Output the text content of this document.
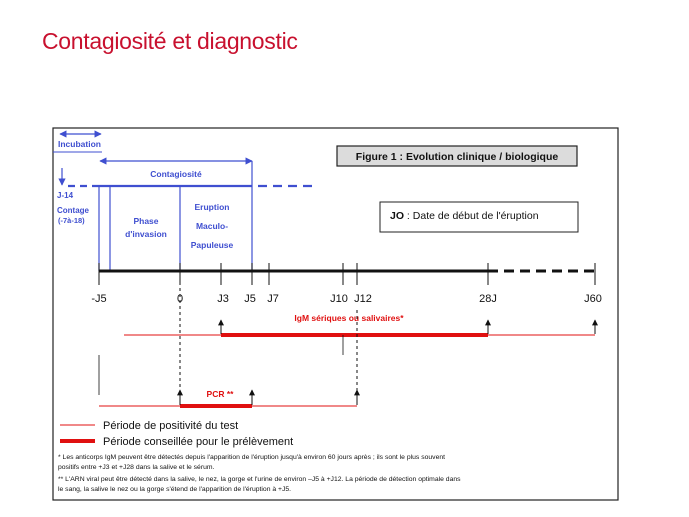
Contagiosité et diagnostic
Figure 1 : Evolution clinique / biologique
JO : Date de début de l'éruption
Incubation
J-14
Contage
(-7à-18)
Contagiosité
Phase
d'invasion
Eruption
Maculo-
Papuleuse
-J5	0	J3 J5 J7	J10 J12	28J	J60
IgM sériques ou salivaires*
PCR **
Période de positivité du test
Période conseillée pour le prélèvement
* Les anticorps IgM peuvent être détectés depuis l'apparition de l'éruption jusqu'à environ 60 jours après ; ils sont le plus souvent
positifs entre +J3 et +J28 dans la salive et le sérum.
** L'ARN viral peut être détecté dans la salive, le nez, la gorge et l'urine de environ –J5 à +J12. La période de détection optimale dans
le sang, la salive le nez ou la gorge s'étend de l'apparition de l'éruption à +J5.
